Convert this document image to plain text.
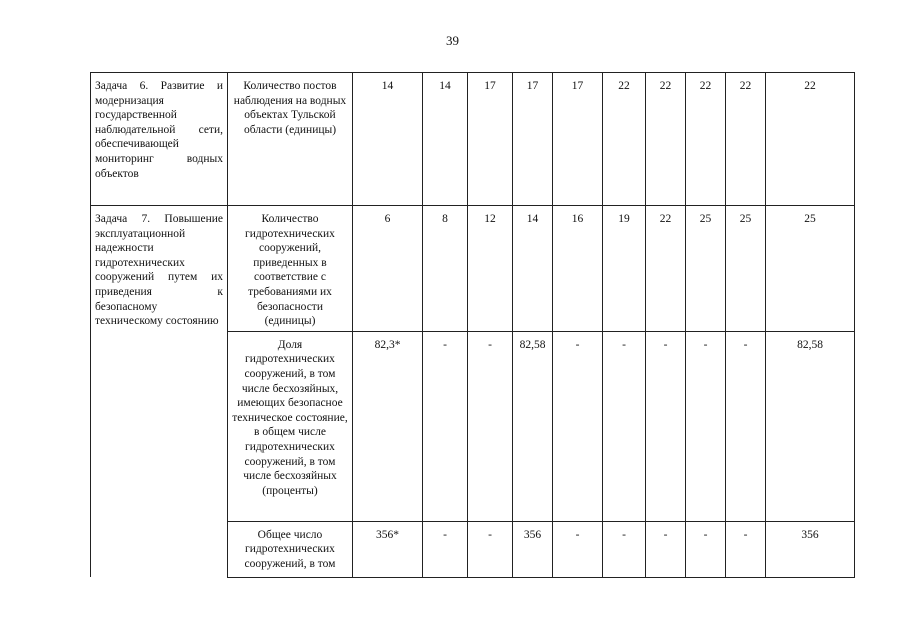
39
Задача 6. Развитие и модернизация государственной наблюдательной сети, обеспечивающей мониторинг водных объектов	Количество постов наблюдения на водных объектах Тульской области (единицы)	14	14	17	17	17	22	22	22	22	22
Задача 7. Повышение эксплуатационной надежности гидротехнических сооружений путем их приведения к безопасному техническому состоянию	Количество гидротехнических сооружений, приведенных в соответствие с требованиями их безопасности (единицы)	6	8	12	14	16	19	22	25	25	25
	Доля гидротехнических сооружений, в том числе бесхозяйных, имеющих безопасное техническое состояние, в общем числе гидротехнических сооружений, в том числе бесхозяйных (проценты)	82,3*	-	-	82,58	-	-	-	-	-	82,58
	Общее число гидротехнических сооружений, в том	356*	-	-	356	-	-	-	-	-	356
